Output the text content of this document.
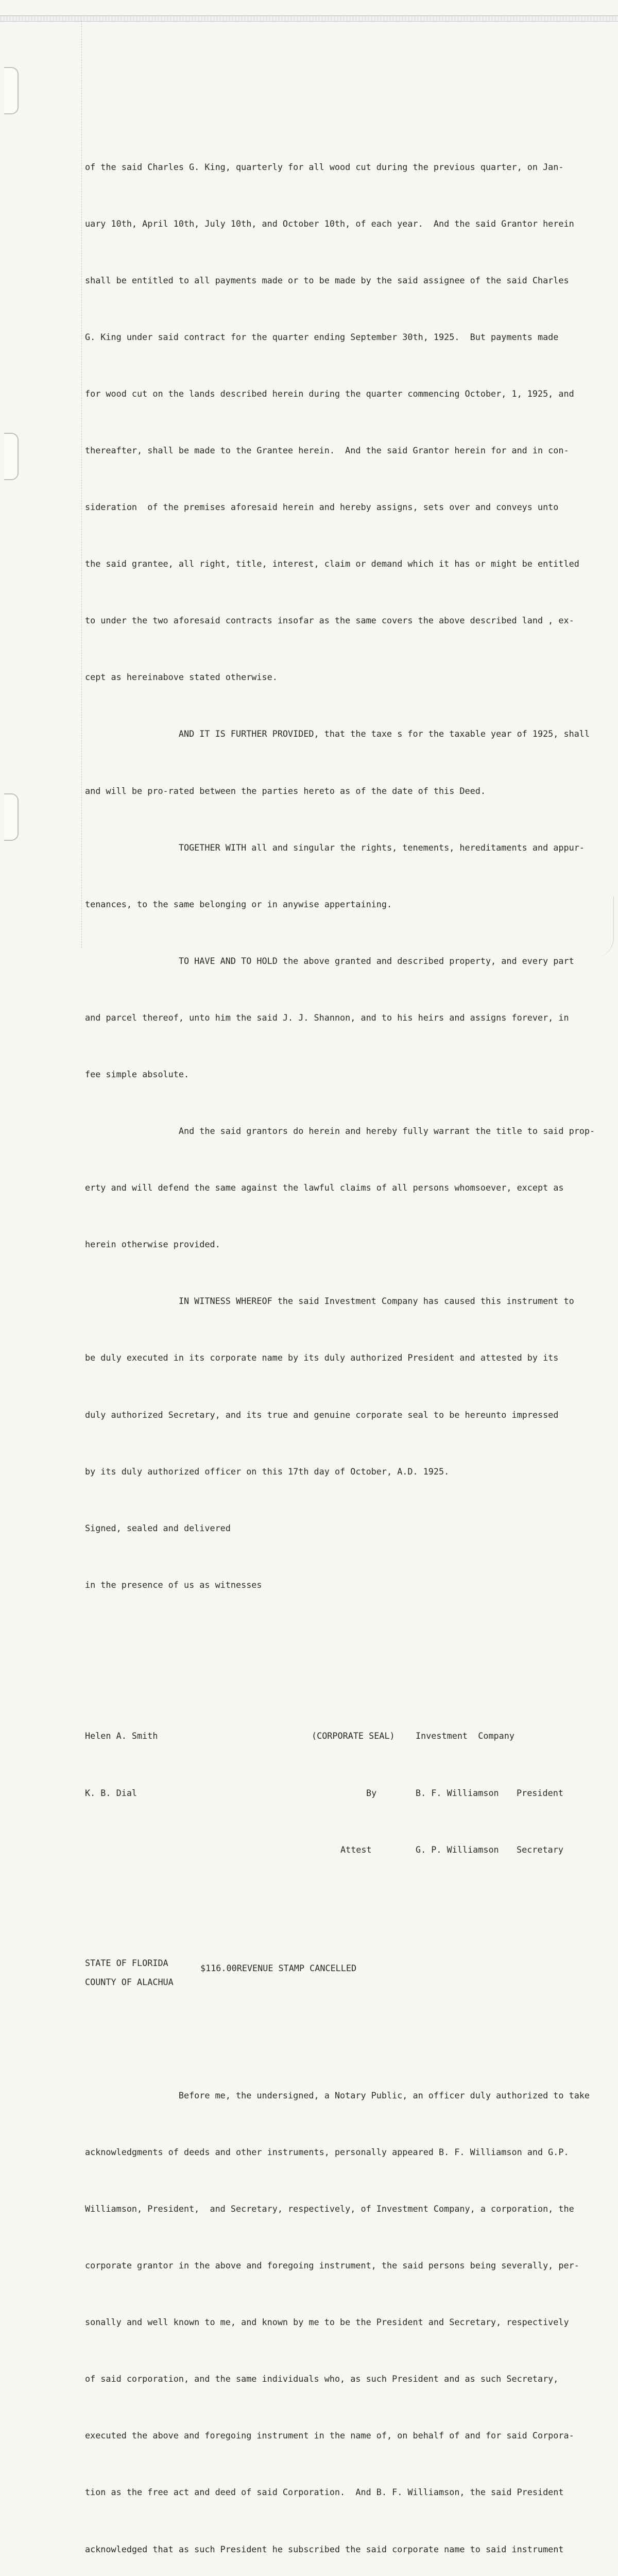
of the said Charles G. King, quarterly for all wood cut during the previous quarter, on Jan-

uary 10th, April 10th, July 10th, and October 10th, of each year.  And the said Grantor herein

shall be entitled to all payments made or to be made by the said assignee of the said Charles

G. King under said contract for the quarter ending September 30th, 1925.  But payments made

for wood cut on the lands described herein during the quarter commencing October, 1, 1925, and

thereafter, shall be made to the Grantee herein.  And the said Grantor herein for and in con-

sideration  of the premises aforesaid herein and hereby assigns, sets over and conveys unto

the said grantee, all right, title, interest, claim or demand which it has or might be entitled

to under the two aforesaid contracts insofar as the same covers the above described land , ex-

cept as hereinabove stated otherwise.

AND IT IS FURTHER PROVIDED, that the taxe s for the taxable year of 1925, shall

and will be pro-rated between the parties hereto as of the date of this Deed.

TOGETHER WITH all and singular the rights, tenements, hereditaments and appur-

tenances, to the same belonging or in anywise appertaining.

TO HAVE AND TO HOLD the above granted and described property, and every part

and parcel thereof, unto him the said J. J. Shannon, and to his heirs and assigns forever, in

fee simple absolute.

And the said grantors do herein and hereby fully warrant the title to said prop-

erty and will defend the same against the lawful claims of all persons whomsoever, except as

herein otherwise provided.

IN WITNESS WHEREOF the said Investment Company has caused this instrument to

be duly executed in its corporate name by its duly authorized President and attested by its

duly authorized Secretary, and its true and genuine corporate seal to be hereunto impressed

by its duly authorized officer on this 17th day of October, A.D. 1925.

Signed, sealed and delivered

in the presence of us as witnesses

Helen A. Smith

	(CORPORATE SEAL)

Investment  Company

K. B. Dial

	By

	B. F. Williamson

President

Attest

	G. P. Williamson

Secretary

STATE OF FLORIDA

	$116.00REVENUE STAMP CANCELLED

COUNTY OF ALACHUA

Before me, the undersigned, a Notary Public, an officer duly authorized to take

acknowledgments of deeds and other instruments, personally appeared B. F. Williamson and G.P.

Williamson, President,  and Secretary, respectively, of Investment Company, a corporation, the

corporate grantor in the above and foregoing instrument, the said persons being severally, per-

sonally and well known to me, and known by me to be the President and Secretary, respectively

of said corporation, and the same individuals who, as such President and as such Secretary,

executed the above and foregoing instrument in the name of, on behalf of and for said Corpora-

tion as the free act and deed of said Corporation.  And B. F. Williamson, the said President

acknowledged that as such President he subscribed the said corporate name to said instrument
